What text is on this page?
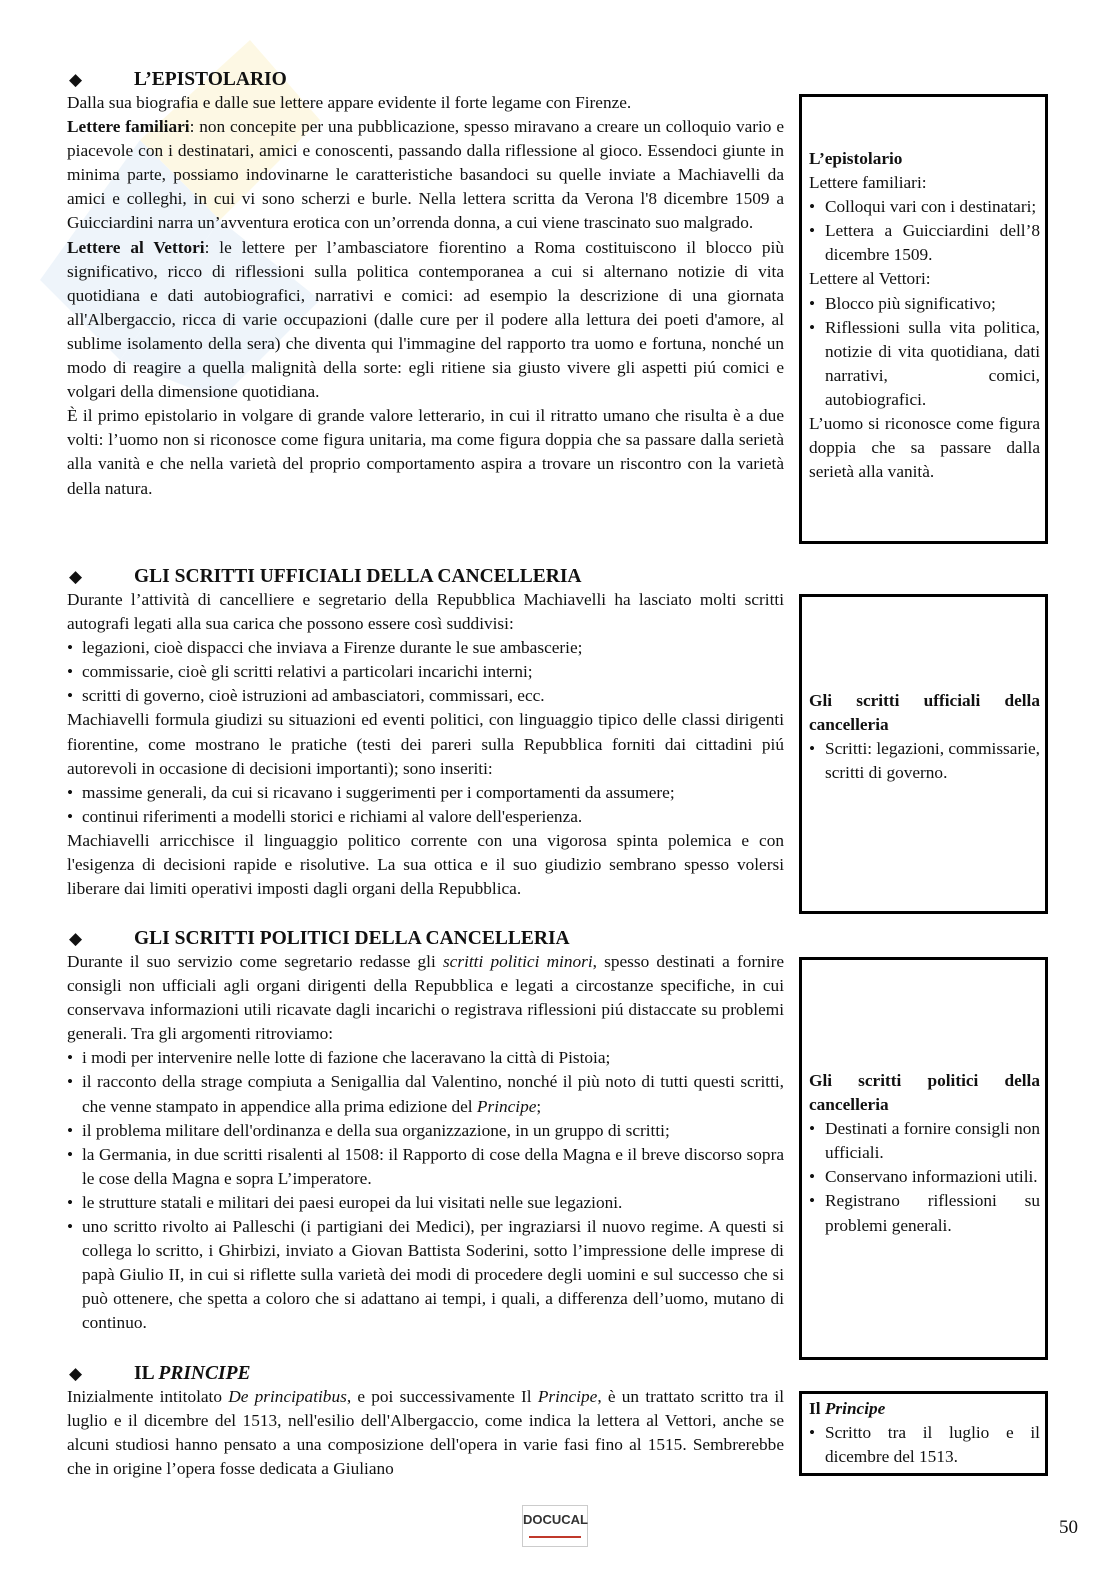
◆	L’EPISTOLARIO

Dalla sua biografia e dalle sue lettere appare evidente il forte legame con Firenze.

Lettere familiari: non concepite per una pubblicazione, spesso miravano a creare un colloquio vario e piacevole con i destinatari, amici e conoscenti, passando dalla riflessione al gioco. Essendoci giunte in minima parte, possiamo indovinarne le caratteristiche basandoci su quelle inviate a Machiavelli da amici e colleghi, in cui vi sono scherzi e burle. Nella lettera scritta da Verona l'8 dicembre 1509 a Guicciardini narra un’avventura erotica con un’orrenda donna, a cui viene trascinato suo malgrado.

Lettere al Vettori: le lettere per l’ambasciatore fiorentino a Roma costituiscono il blocco più significativo, ricco di riflessioni sulla politica contemporanea a cui si alternano notizie di vita quotidiana e dati autobiografici, narrativi e comici: ad esempio la descrizione di una giornata all'Albergaccio, ricca di varie occupazioni (dalle cure per il podere alla lettura dei poeti d'amore, al sublime isolamento della sera) che diventa qui l'immagine del rapporto tra uomo e fortuna, nonché un modo di reagire a quella malignità della sorte: egli ritiene sia giusto vivere gli aspetti piú comici e volgari della dimensione quotidiana.

È il primo epistolario in volgare di grande valore letterario, in cui il ritratto umano che risulta è a due volti: l’uomo non si riconosce come figura unitaria, ma come figura doppia che sa passare dalla serietà alla vanità e che nella varietà del proprio comportamento aspira a trovare un riscontro con la varietà della natura.

◆	GLI SCRITTI UFFICIALI DELLA CANCELLERIA

Durante l’attività di cancelliere e segretario della Repubblica Machiavelli ha lasciato molti scritti autografi legati alla sua carica che possono essere così suddivisi:

• legazioni, cioè dispacci che inviava a Firenze durante le sue ambascerie;
• commissarie, cioè gli scritti relativi a particolari incarichi interni;
• scritti di governo, cioè istruzioni ad ambasciatori, commissari, ecc.

Machiavelli formula giudizi su situazioni ed eventi politici, con linguaggio tipico delle classi dirigenti fiorentine, come mostrano le pratiche (testi dei pareri sulla Repubblica forniti dai cittadini piú autorevoli in occasione di decisioni importanti); sono inseriti:

• massime generali, da cui si ricavano i suggerimenti per i comportamenti da assumere;
• continui riferimenti a modelli storici e richiami al valore dell'esperienza.

Machiavelli arricchisce il linguaggio politico corrente con una vigorosa spinta polemica e con l'esigenza di decisioni rapide e risolutive. La sua ottica e il suo giudizio sembrano spesso volersi liberare dai limiti operativi imposti dagli organi della Repubblica.

◆	GLI SCRITTI POLITICI DELLA CANCELLERIA

Durante il suo servizio come segretario redasse gli scritti politici minori, spesso destinati a fornire consigli non ufficiali agli organi dirigenti della Repubblica e legati a circostanze specifiche, in cui conservava informazioni utili ricavate dagli incarichi o registrava riflessioni piú distaccate su problemi generali. Tra gli argomenti ritroviamo:

• i modi per intervenire nelle lotte di fazione che laceravano la città di Pistoia;
• il racconto della strage compiuta a Senigallia dal Valentino, nonché il più noto di tutti questi scritti, che venne stampato in appendice alla prima edizione del Principe;
• il problema militare dell'ordinanza e della sua organizzazione, in un gruppo di scritti;
• la Germania, in due scritti risalenti al 1508: il Rapporto di cose della Magna e il breve discorso sopra le cose della Magna e sopra L’imperatore.
• le strutture statali e militari dei paesi europei da lui visitati nelle sue legazioni.
• uno scritto rivolto ai Palleschi (i partigiani dei Medici), per ingraziarsi il nuovo regime. A questi si collega lo scritto, i Ghirbizi, inviato a Giovan Battista Soderini, sotto l’impressione delle imprese di papà Giulio II, in cui si riflette sulla varietà dei modi di procedere degli uomini e sul successo che si può ottenere, che spetta a coloro che si adattano ai tempi, i quali, a differenza dell’uomo, mutano di continuo.
◆	IL PRINCIPE

Inizialmente intitolato De principatibus, e poi successivamente Il Principe, è un trattato scritto tra il luglio e il dicembre del 1513, nell'esilio dell'Albergaccio, come indica la lettera al Vettori, anche se alcuni studiosi hanno pensato a una composizione dell'opera in varie fasi fino al 1515. Sembrerebbe che in origine l’opera fosse dedicata a Giuliano

L’epistolario
Lettere familiari:
• Colloqui vari con i destinatari;
• Lettera a Guicciardini dell’8 dicembre 1509.
Lettere al Vettori:
• Blocco più significativo;
• Riflessioni sulla vita politica, notizie di vita quotidiana, dati narrativi, comici, autobiografici.
L’uomo si riconosce come figura doppia che sa passare dalla serietà alla vanità.
Gli scritti ufficiali della cancelleria
• Scritti: legazioni, commissarie, scritti di governo.
Gli scritti politici della cancelleria
• Destinati a fornire consigli non ufficiali.
• Conservano informazioni utili.
• Registrano riflessioni su problemi generali.
Il Principe
• Scritto tra il luglio e il dicembre del 1513.
DOCUCAL	50
